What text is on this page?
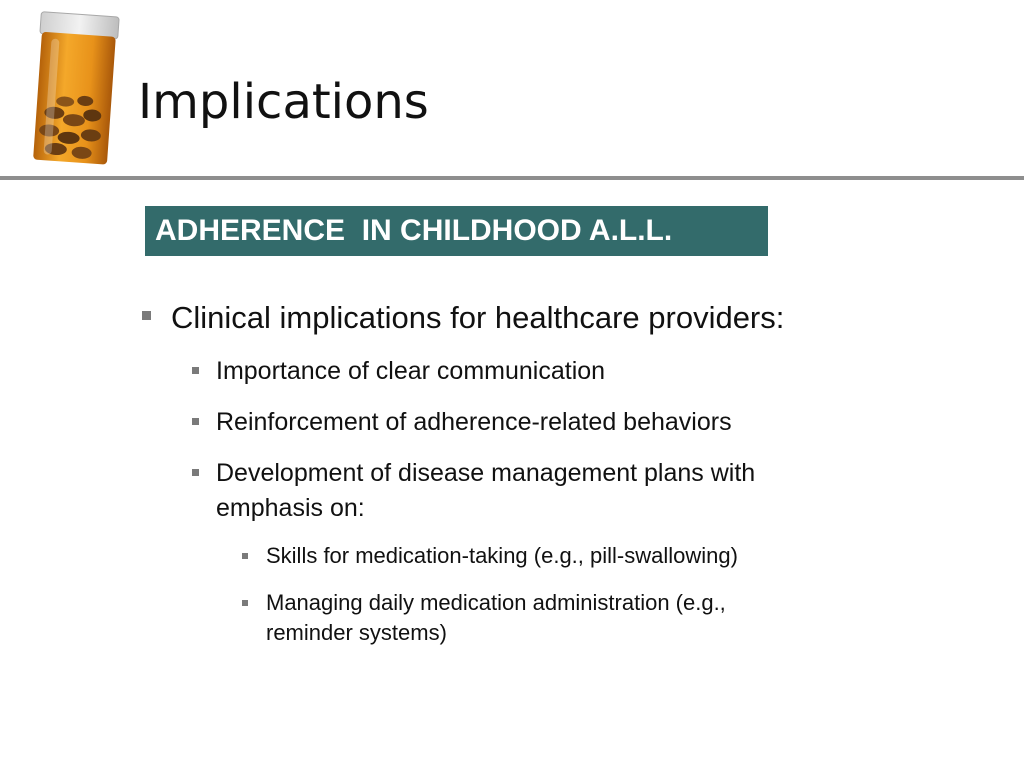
Implications
ADHERENCE  IN CHILDHOOD A.L.L.
Clinical implications for healthcare providers:
Importance of clear communication
Reinforcement of adherence-related behaviors
Development of disease management plans with
emphasis on:
Skills for medication-taking (e.g., pill-swallowing)
Managing daily medication administration (e.g.,
reminder systems)
